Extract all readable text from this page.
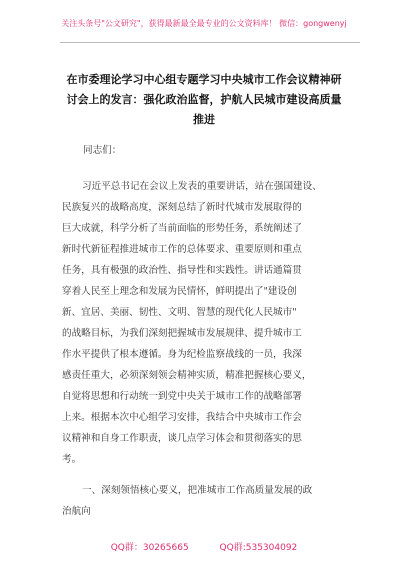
关注头条号"公文研究"，获得最新最全最专业的公文资料库！ 微信：gongwenyj
在市委理论学习中心组专题学习中央城市工作会议精神研
讨会上的发言：强化政治监督，护航人民城市建设高质量
推进
同志们：
习近平总书记在会议上发表的重要讲话，站在强国建设、
民族复兴的战略高度，深刻总结了新时代城市发展取得的
巨大成就，科学分析了当前面临的形势任务，系统阐述了
新时代新征程推进城市工作的总体要求、重要原则和重点
任务，具有极强的政治性、指导性和实践性。讲话通篇贯
穿着人民至上理念和发展为民情怀，鲜明提出了"建设创
新、宜居、美丽、韧性、文明、智慧的现代化人民城市"
的战略目标，为我们深刻把握城市发展规律、提升城市工
作水平提供了根本遵循。身为纪检监察战线的一员，我深
感责任重大，必须深刻领会精神实质，精准把握核心要义，
自觉将思想和行动统一到党中央关于城市工作的战略部署
上来。根据本次中心组学习安排，我结合中央城市工作会
议精神和自身工作职责，谈几点学习体会和贯彻落实的思
考。
一、深刻领悟核心要义，把准城市工作高质量发展的政
治航向
QQ群：30265665	QQ群:535304092
